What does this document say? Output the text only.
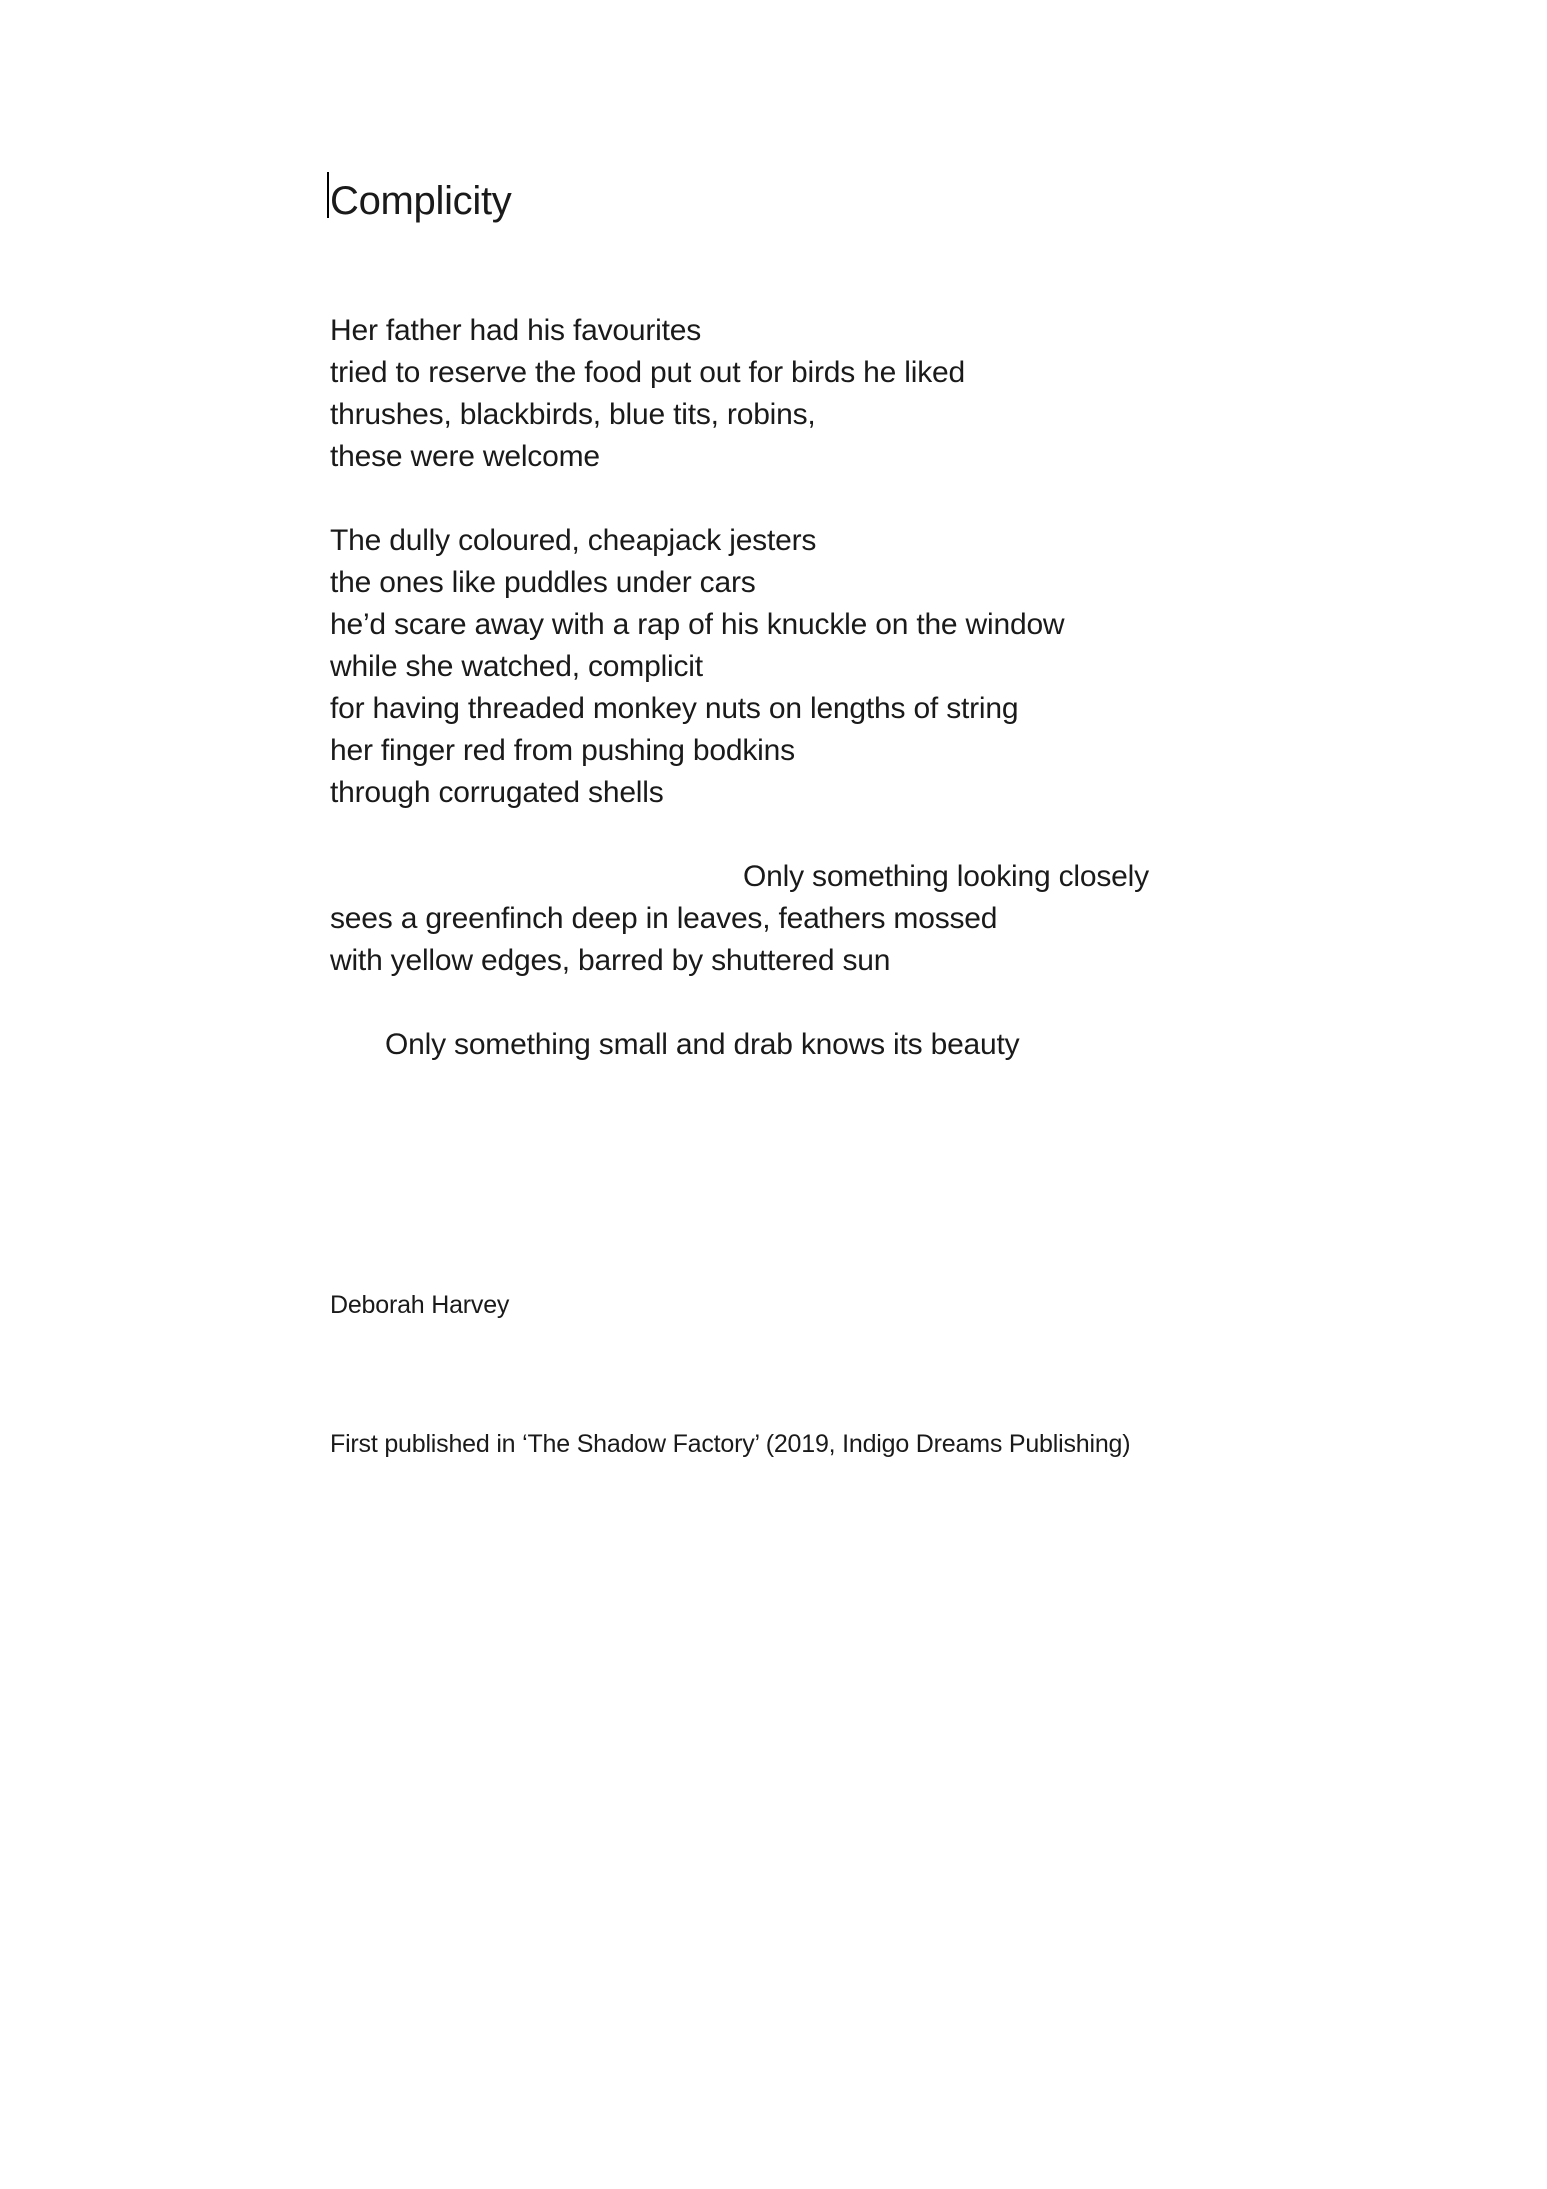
Complicity
Her father had his favourites
tried to reserve the food put out for birds he liked
thrushes, blackbirds, blue tits, robins,
these were welcome
The dully coloured, cheapjack jesters
the ones like puddles under cars
he’d scare away with a rap of his knuckle on the window
while she watched, complicit
for having threaded monkey nuts on lengths of string
her finger red from pushing bodkins
through corrugated shells
Only something looking closely
sees a greenfinch deep in leaves, feathers mossed
with yellow edges, barred by shuttered sun
Only something small and drab knows its beauty
Deborah Harvey
First published in ‘The Shadow Factory’ (2019, Indigo Dreams Publishing)
